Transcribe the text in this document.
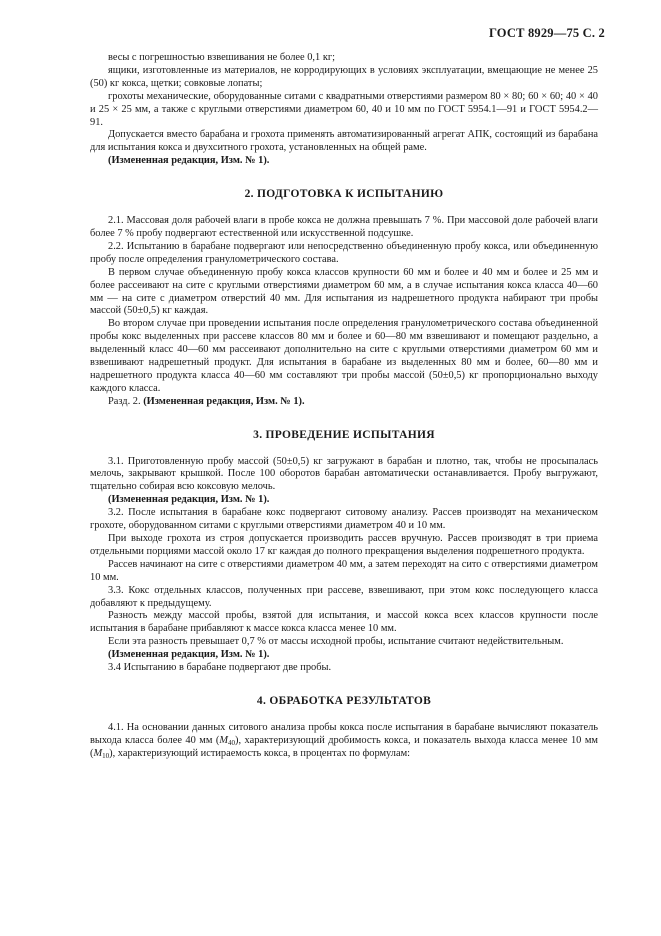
ГОСТ 8929—75 С. 2
весы с погрешностью взвешивания не более 0,1 кг;
ящики, изготовленные из материалов, не корродирующих в условиях эксплуатации, вмещающие не менее 25 (50) кг кокса, щетки; совковые лопаты;
грохоты механические, оборудованные ситами с квадратными отверстиями размером 80 × 80; 60 × 60; 40 × 40 и 25 × 25 мм, а также с круглыми отверстиями диаметром 60, 40 и 10 мм по ГОСТ 5954.1—91 и ГОСТ 5954.2—91.
Допускается вместо барабана и грохота применять автоматизированный агрегат АПК, состоящий из барабана для испытания кокса и двухситного грохота, установленных на общей раме.
(Измененная редакция, Изм. № 1).
2. ПОДГОТОВКА К ИСПЫТАНИЮ
2.1. Массовая доля рабочей влаги в пробе кокса не должна превышать 7 %. При массовой доле рабочей влаги более 7 % пробу подвергают естественной или искусственной подсушке.
2.2. Испытанию в барабане подвергают или непосредственно объединенную пробу кокса, или объединенную пробу после определения гранулометрического состава.
В первом случае объединенную пробу кокса классов крупности 60 мм и более и 40 мм и более и 25 мм и более рассеивают на сите с круглыми отверстиями диаметром 60 мм, а в случае испытания кокса класса 40—60 мм — на сите с диаметром отверстий 40 мм. Для испытания из надрешетного продукта набирают три пробы массой (50±0,5) кг каждая.
Во втором случае при проведении испытания после определения гранулометрического состава объединенной пробы кокс выделенных при рассеве классов 80 мм и более и 60—80 мм взвешивают и помещают раздельно, а выделенный класс 40—60 мм рассеивают дополнительно на сите с круглыми отверстиями диаметром 60 мм и взвешивают надрешетный продукт. Для испытания в барабане из выделенных 80 мм и более, 60—80 мм и надрешетного продукта класса 40—60 мм составляют три пробы массой (50±0,5) кг пропорционально выходу каждого класса.
Разд. 2. (Измененная редакция, Изм. № 1).
3. ПРОВЕДЕНИЕ ИСПЫТАНИЯ
3.1. Приготовленную пробу массой (50±0,5) кг загружают в барабан и плотно, так, чтобы не просыпалась мелочь, закрывают крышкой. После 100 оборотов барабан автоматически останавливается. Пробу выгружают, тщательно собирая всю коксовую мелочь.
(Измененная редакция, Изм. № 1).
3.2. После испытания в барабане кокс подвергают ситовому анализу. Рассев производят на механическом грохоте, оборудованном ситами с круглыми отверстиями диаметром 40 и 10 мм.
При выходе грохота из строя допускается производить рассев вручную. Рассев производят в три приема отдельными порциями массой около 17 кг каждая до полного прекращения выделения подрешетного продукта.
Рассев начинают на сите с отверстиями диаметром 40 мм, а затем переходят на сито с отверстиями диаметром 10 мм.
3.3. Кокс отдельных классов, полученных при рассеве, взвешивают, при этом кокс последующего класса добавляют к предыдущему.
Разность между массой пробы, взятой для испытания, и массой кокса всех классов крупности после испытания в барабане прибавляют к массе кокса класса менее 10 мм.
Если эта разность превышает 0,7 % от массы исходной пробы, испытание считают недействительным.
(Измененная редакция, Изм. № 1).
3.4 Испытанию в барабане подвергают две пробы.
4. ОБРАБОТКА РЕЗУЛЬТАТОВ
4.1. На основании данных ситового анализа пробы кокса после испытания в барабане вычисляют показатель выхода класса более 40 мм $(M_{40})$, характеризующий дробимость кокса, и показатель выхода класса менее 10 мм $(M_{10})$, характеризующий истираемость кокса, в процентах по формулам:
